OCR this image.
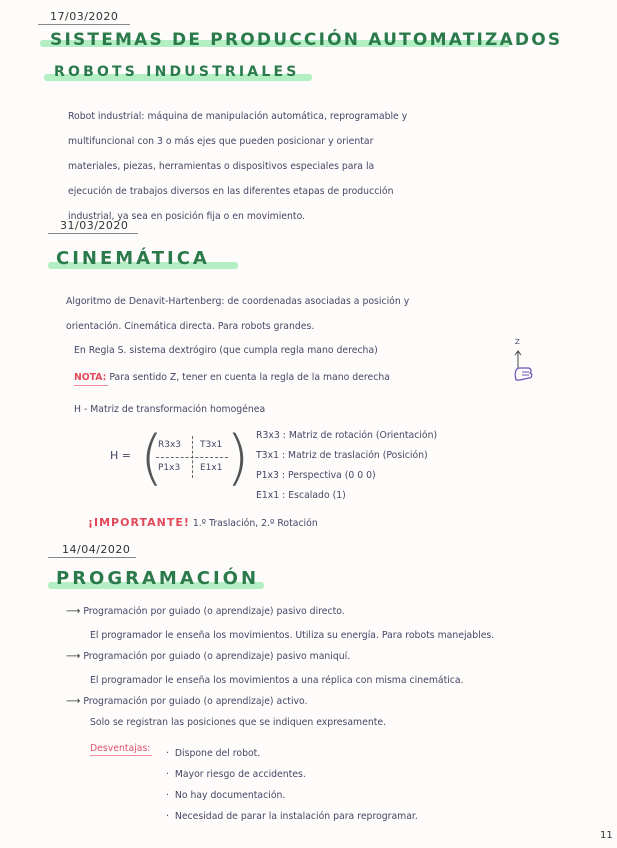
17/03/2020
SISTEMAS DE PRODUCCIÓN AUTOMATIZADOS
ROBOTS INDUSTRIALES
Robot industrial: máquina de manipulación automática, reprogramable y
multifuncional con 3 o más ejes que pueden posicionar y orientar
materiales, piezas, herramientas o dispositivos especiales para la
ejecución de trabajos diversos en las diferentes etapas de producción
industrial, ya sea en posición fija o en movimiento.
31/03/2020
CINEMÁTICA
Algoritmo de Denavit-Hartenberg: de coordenadas asociadas a posición y
orientación. Cinemática directa. Para robots grandes.
En Regla S. sistema dextrógiro (que cumpla regla mano derecha)
NOTA: Para sentido Z, tener en cuenta la regla de la mano derecha
Z
H - Matriz de transformación homogénea
H = ( )
R3x3 T3x1
P1x3 E1x1
R3x3 : Matriz de rotación (Orientación)
T3x1 : Matriz de traslación (Posición)
P1x3 : Perspectiva (0 0 0)
E1x1 : Escalado (1)
¡IMPORTANTE! 1.º Traslación, 2.º Rotación
14/04/2020
PROGRAMACIÓN
⟶ Programación por guiado (o aprendizaje) pasivo directo.
El programador le enseña los movimientos. Utiliza su energía. Para robots manejables.
⟶ Programación por guiado (o aprendizaje) pasivo maniquí.
El programador le enseña los movimientos a una réplica con misma cinemática.
⟶ Programación por guiado (o aprendizaje) activo.
Solo se registran las posiciones que se indiquen expresamente.
Desventajas: ·  Dispone del robot.
·  Mayor riesgo de accidentes.
·  No hay documentación.
·  Necesidad de parar la instalación para reprogramar.
11
